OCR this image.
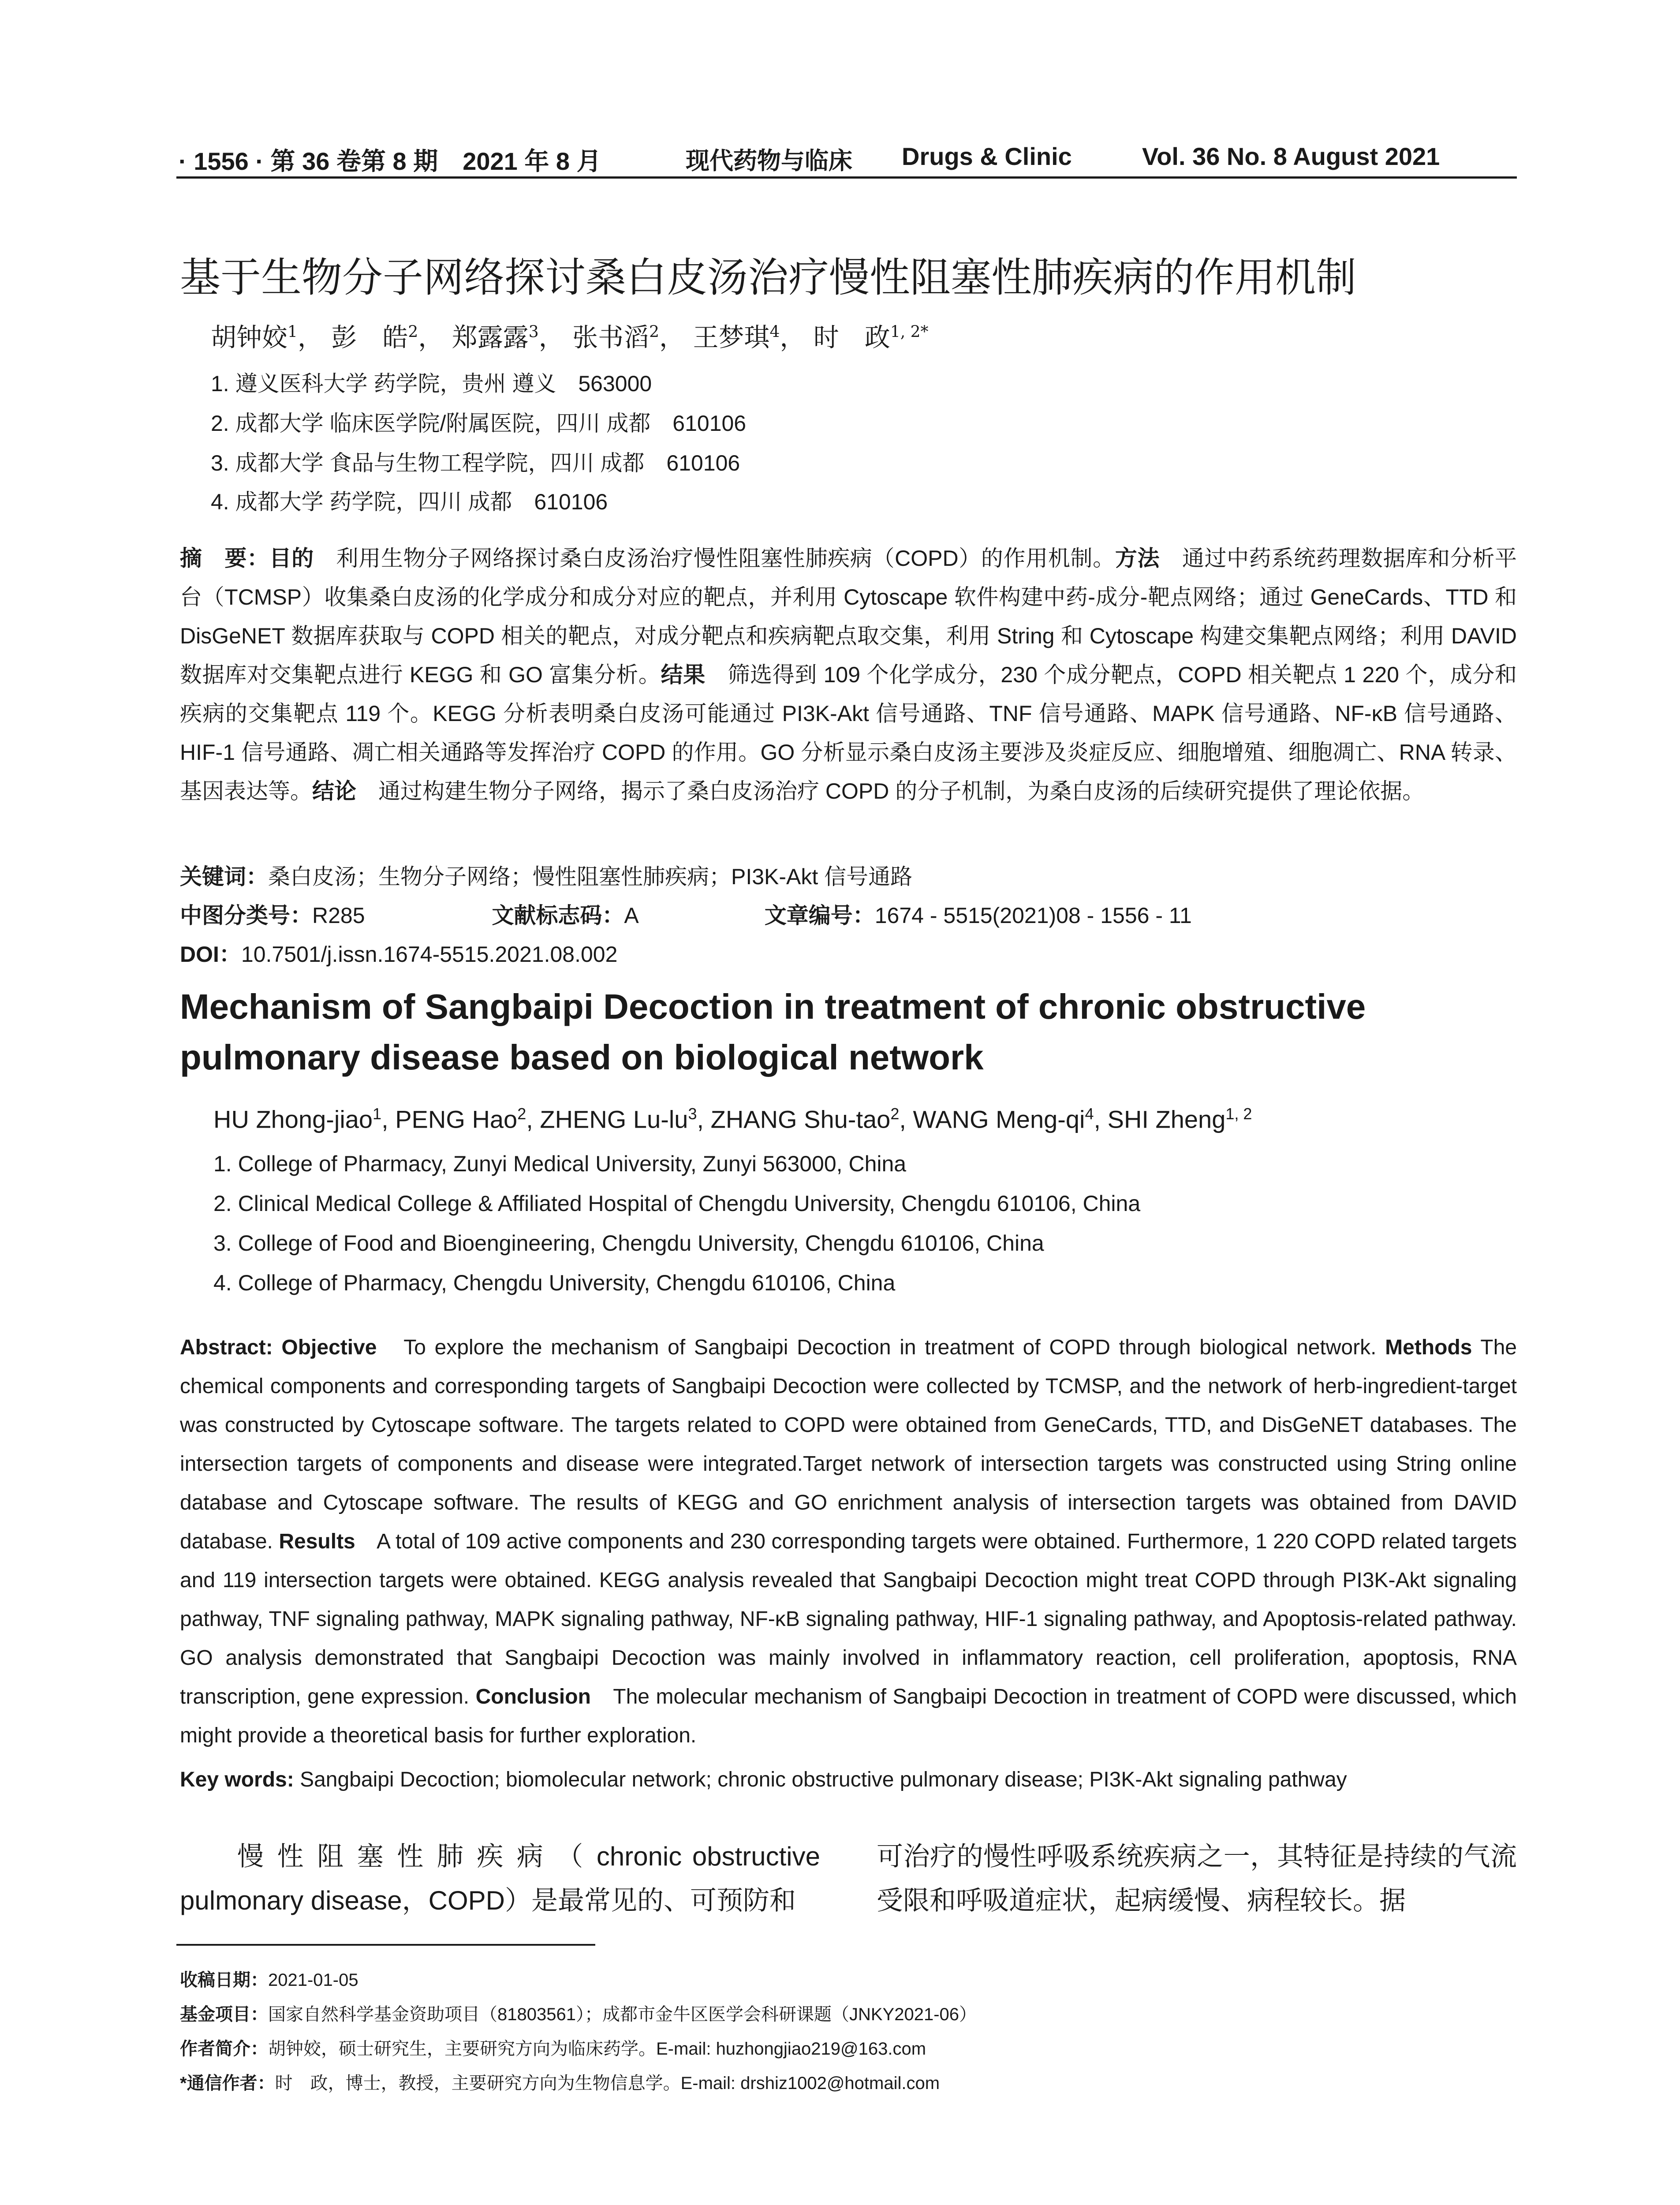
· 1556 · 第 36 卷第 8 期　2021 年 8 月	现代药物与临床 Drugs & Clinic	Vol. 36 No. 8 August 2021
基于生物分子网络探讨桑白皮汤治疗慢性阻塞性肺疾病的作用机制
胡钟姣$^1$， 彭　皓$^2$， 郑露露$^3$， 张书滔$^2$， 王梦琪$^4$， 时　政$^{1, 2*}$
1. 遵义医科大学 药学院，贵州 遵义　563000
2. 成都大学 临床医学院/附属医院，四川 成都　610106
3. 成都大学 食品与生物工程学院，四川 成都　610106
4. 成都大学 药学院，四川 成都　610106
摘　要：目的　 利用生物分子网络探讨桑白皮汤治疗慢性阻塞性肺疾病（COPD）的作用机制。方法　 通过中药系统药理数据库和分析平台（TCMSP）收集桑白皮汤的化学成分和成分对应的靶点，并利用 Cytoscape 软件构建中药-成分-靶点网络；通过 GeneCards、TTD 和 DisGeNET 数据库获取与 COPD 相关的靶点，对成分靶点和疾病靶点取交集，利用 String 和 Cytoscape 构建交集靶点网络；利用 DAVID 数据库对交集靶点进行 KEGG 和 GO 富集分析。结果　 筛选得到 109 个化学成分，230 个成分靶点，COPD 相关靶点 1 220 个，成分和疾病的交集靶点 119 个。KEGG 分析表明桑白皮汤可能通过 PI3K-Akt 信号通路、TNF 信号通路、MAPK 信号通路、NF-κB 信号通路、HIF-1 信号通路、凋亡相关通路等发挥治疗 COPD 的作用。GO 分析显示桑白皮汤主要涉及炎症反应、细胞增殖、细胞凋亡、RNA 转录、基因表达等。结论　 通过构建生物分子网络，揭示了桑白皮汤治疗 COPD 的分子机制，为桑白皮汤的后续研究提供了理论依据。
关键词：桑白皮汤；生物分子网络；慢性阻塞性肺疾病；PI3K-Akt 信号通路
中图分类号：R285	文献标志码：A	文章编号：1674 - 5515(2021)08 - 1556 - 11
DOI：10.7501/j.issn.1674-5515.2021.08.002
Mechanism of Sangbaipi Decoction in treatment of chronic obstructive pulmonary disease based on biological network
HU Zhong-jiao$^1$, PENG Hao$^2$, ZHENG $Lu-lu^3$, ZHANG Shu-tao$^2$, WANG Meng-$qi^4$, SHI Zheng$^{1, 2}$
1. College of Pharmacy, Zunyi Medical University, Zunyi 563000, China
2. Clinical Medical College & Affiliated Hospital of Chengdu University, Chengdu 610106, China
3. College of Food and Bioengineering, Chengdu University, Chengdu 610106, China
4. College of Pharmacy, Chengdu University, Chengdu 610106, China
Abstract: Objective　 To explore the mechanism of Sangbaipi Decoction in treatment of COPD through biological network. Methods The chemical components and corresponding targets of Sangbaipi Decoction were collected by TCMSP, and the network of herb-ingredient-target was constructed by Cytoscape software. The targets related to COPD were obtained from GeneCards, TTD, and DisGeNET databases. The intersection targets of components and disease were integrated.Target network of intersection targets was constructed using String online database and Cytoscape software. The results of KEGG and GO enrichment analysis of intersection targets was obtained from DAVID database. Results　 A total of 109 active components and 230 corresponding targets were obtained. Furthermore, 1 220 COPD related targets and 119 intersection targets were obtained. KEGG analysis revealed that Sangbaipi Decoction might treat COPD through PI3K-Akt signaling pathway, TNF signaling pathway, MAPK signaling pathway, NF-κB signaling pathway, HIF-1 signaling pathway, and Apoptosis-related pathway. GO analysis demonstrated that Sangbaipi Decoction was mainly involved in inflammatory reaction, cell proliferation, apoptosis, RNA transcription, gene expression. Conclusion　 The molecular mechanism of Sangbaipi Decoction in treatment of COPD were discussed, which might provide a theoretical basis for further exploration.
Key words: Sangbaipi Decoction; biomolecular network; chronic obstructive pulmonary disease; PI3K-Akt signaling pathway
慢 性 阻 塞 性 肺 疾 病 （ chronic obstructive pulmonary disease，COPD）是最常见的、可预防和
可治疗的慢性呼吸系统疾病之一，其特征是持续的气流受限和呼吸道症状，起病缓慢、病程较长。据
收稿日期：2021-01-05
基金项目：国家自然科学基金资助项目（81803561）；成都市金牛区医学会科研课题（JNKY2021-06）
作者简介：胡钟姣，硕士研究生，主要研究方向为临床药学。E-mail: huzhongjiao219@163.com
*通信作者：时　政，博士，教授，主要研究方向为生物信息学。E-mail: drshiz1002@hotmail.com
